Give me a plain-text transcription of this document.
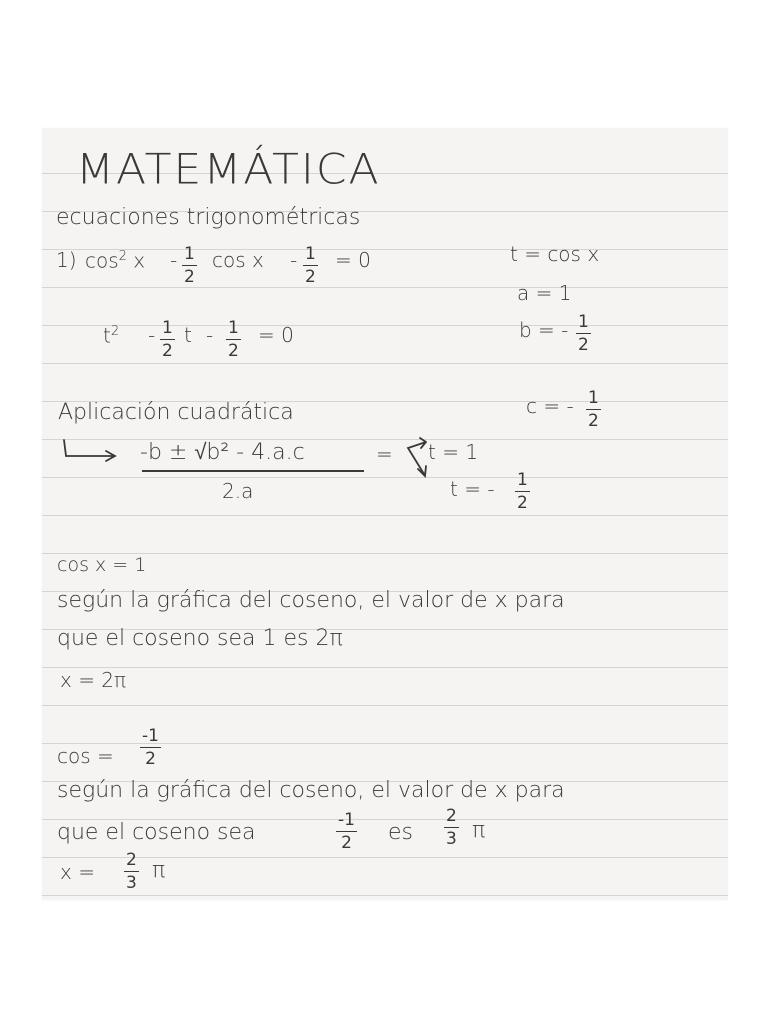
MATEMÁTICA
ecuaciones trigonométricas
1) $\cos^2 x - \frac{1}{2}$ $\cos x - \frac{1}{2} = 0$	t = cos x
a = 1
b = - $\frac{1}{2}$
c = - $\frac{1}{2}$
$t^2 - \frac{1}{2}$ $t - \frac{1}{2} = 0$
Aplicación cuadrática
-b ± √b² - 4.a.c
2.a
= t = 1
t = - $\frac{1}{2}$
cos x = 1
según la gráfica del coseno, el valor de x para
que el coseno sea 1 es 2π
x = 2π
$\cos = \frac{-1}{2}$
según la gráfica del coseno, el valor de x para
que el coseno sea	$\frac{-1}{2}$ es $\frac{2}{3}$ π
$x = \frac{2}{3}$ π
